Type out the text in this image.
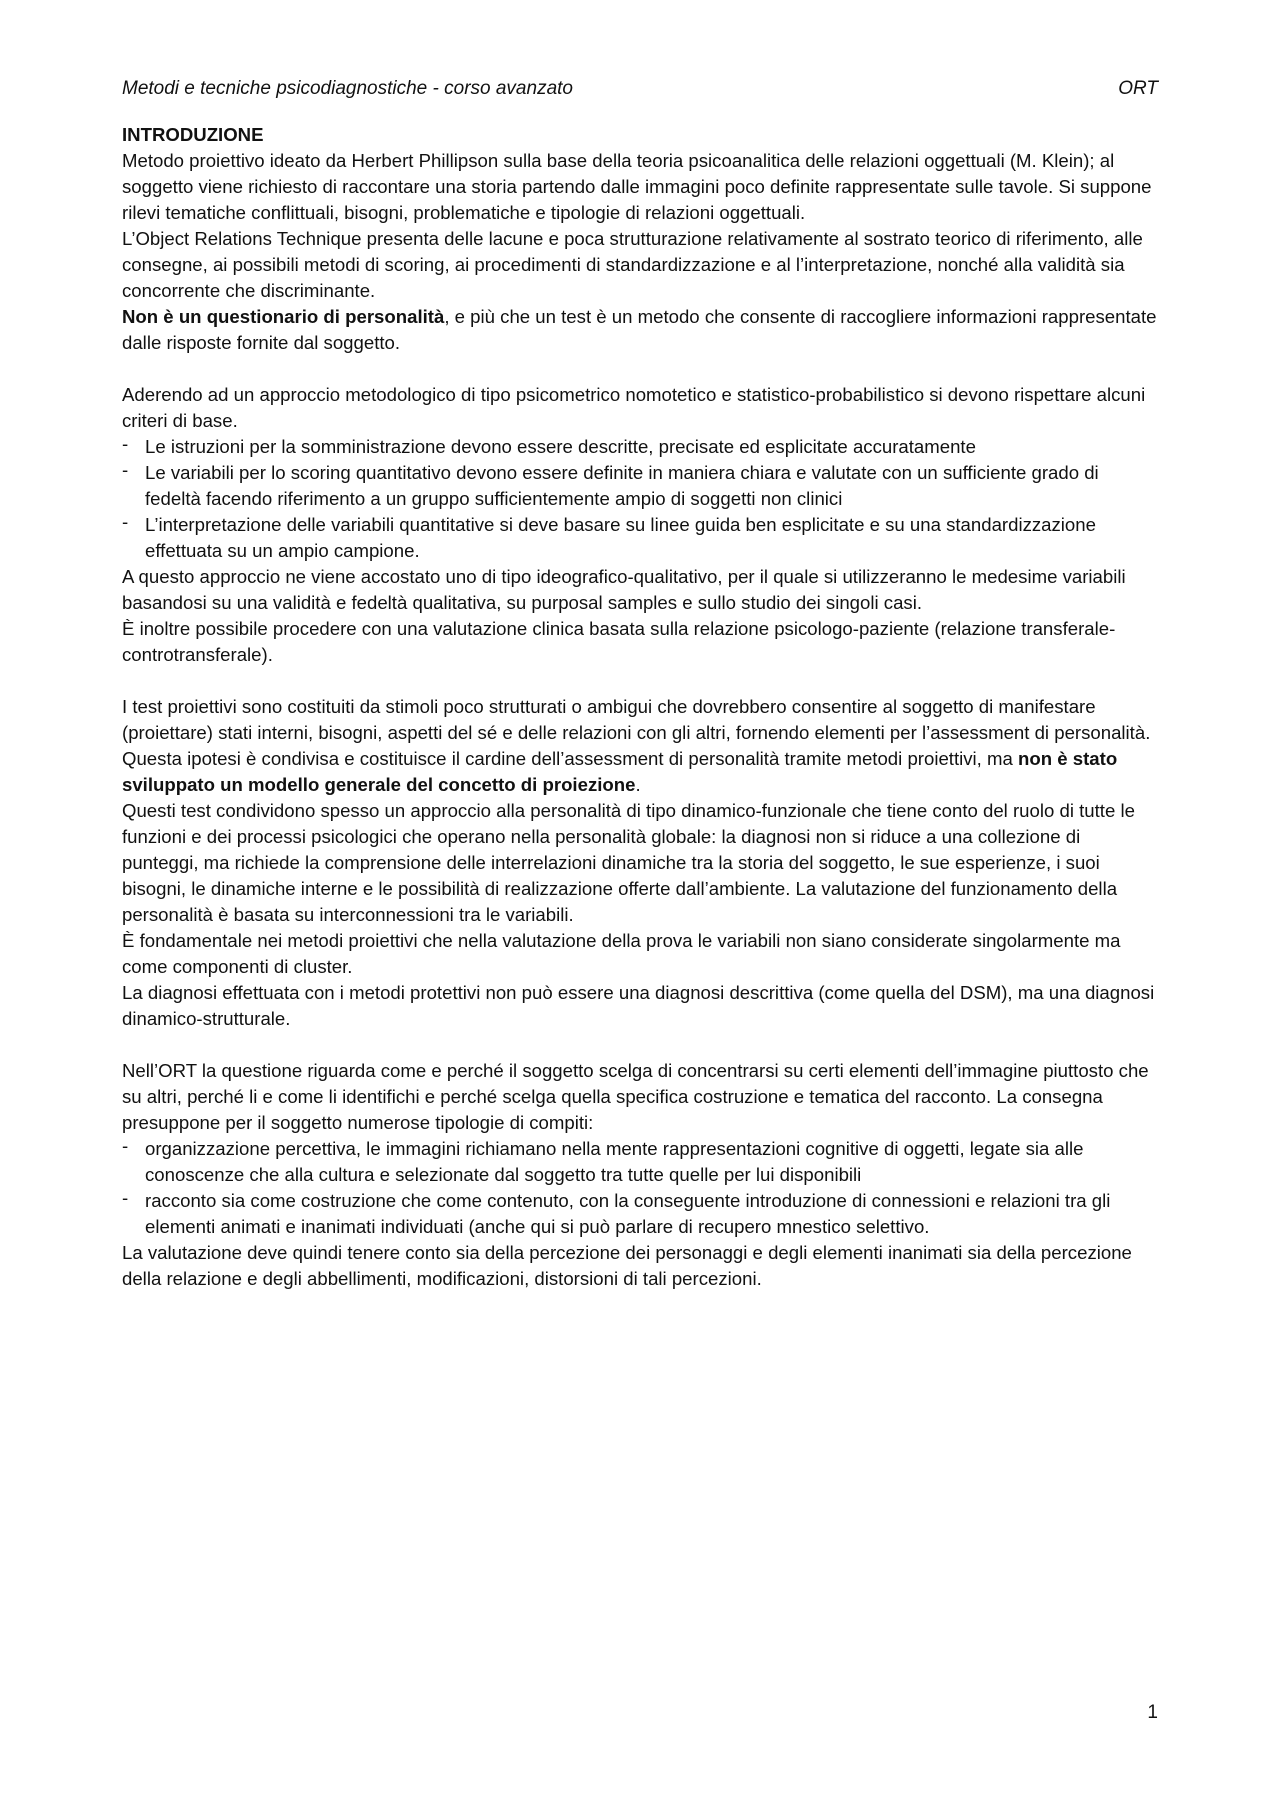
Metodi e tecniche psicodiagnostiche - corso avanzato	ORT

INTRODUZIONE

Metodo proiettivo ideato da Herbert Phillipson sulla base della teoria psicoanalitica delle relazioni oggettuali (M. Klein); al soggetto viene richiesto di raccontare una storia partendo dalle immagini poco definite rappresentate sulle tavole. Si suppone rilevi tematiche conflittuali, bisogni, problematiche e tipologie di relazioni oggettuali.

L’Object Relations Technique presenta delle lacune e poca strutturazione relativamente al sostrato teorico di riferimento, alle consegne, ai possibili metodi di scoring, ai procedimenti di standardizzazione e al l’interpretazione, nonché alla validità sia concorrente che discriminante.

Non è un questionario di personalità, e più che un test è un metodo che consente di raccogliere informazioni rappresentate dalle risposte fornite dal soggetto.

Aderendo ad un approccio metodologico di tipo psicometrico nomotetico e statistico-probabilistico si devono rispettare alcuni criteri di base.

- Le istruzioni per la somministrazione devono essere descritte, precisate ed esplicitate accuratamente
- Le variabili per lo scoring quantitativo devono essere definite in maniera chiara e valutate con un sufficiente grado di fedeltà facendo riferimento a un gruppo sufficientemente ampio di soggetti non clinici
- L’interpretazione delle variabili quantitative si deve basare su linee guida ben esplicitate e su una standardizzazione effettuata su un ampio campione.

A questo approccio ne viene accostato uno di tipo ideografico-qualitativo, per il quale si utilizzeranno le medesime variabili basandosi su una validità e fedeltà qualitativa, su purposal samples e sullo studio dei singoli casi.

È inoltre possibile procedere con una valutazione clinica basata sulla relazione psicologo-paziente (relazione transferale-controtransferale).

I test proiettivi sono costituiti da stimoli poco strutturati o ambigui che dovrebbero consentire al soggetto di manifestare (proiettare) stati interni, bisogni, aspetti del sé e delle relazioni con gli altri, fornendo elementi per l’assessment di personalità. Questa ipotesi è condivisa e costituisce il cardine dell’assessment di personalità tramite metodi proiettivi, ma non è stato sviluppato un modello generale del concetto di proiezione.

Questi test condividono spesso un approccio alla personalità di tipo dinamico-funzionale che tiene conto del ruolo di tutte le funzioni e dei processi psicologici che operano nella personalità globale: la diagnosi non si riduce a una collezione di punteggi, ma richiede la comprensione delle interrelazioni dinamiche tra la storia del soggetto, le sue esperienze, i suoi bisogni, le dinamiche interne e le possibilità di realizzazione offerte dall’ambiente. La valutazione del funzionamento della personalità è basata su interconnessioni tra le variabili.

È fondamentale nei metodi proiettivi che nella valutazione della prova le variabili non siano considerate singolarmente ma come componenti di cluster.

La diagnosi effettuata con i metodi protettivi non può essere una diagnosi descrittiva (come quella del DSM), ma una diagnosi dinamico-strutturale.

Nell’ORT la questione riguarda come e perché il soggetto scelga di concentrarsi su certi elementi dell’immagine piuttosto che su altri, perché li e come li identifichi e perché scelga quella specifica costruzione e tematica del racconto. La consegna presuppone per il soggetto numerose tipologie di compiti:

- organizzazione percettiva, le immagini richiamano nella mente rappresentazioni cognitive di oggetti, legate sia alle conoscenze che alla cultura e selezionate dal soggetto tra tutte quelle per lui disponibili
- racconto sia come costruzione che come contenuto, con la conseguente introduzione di connessioni e relazioni tra gli elementi animati e inanimati individuati (anche qui si può parlare di recupero mnestico selettivo.

La valutazione deve quindi tenere conto sia della percezione dei personaggi e degli elementi inanimati sia della percezione della relazione e degli abbellimenti, modificazioni, distorsioni di tali percezioni.

1
